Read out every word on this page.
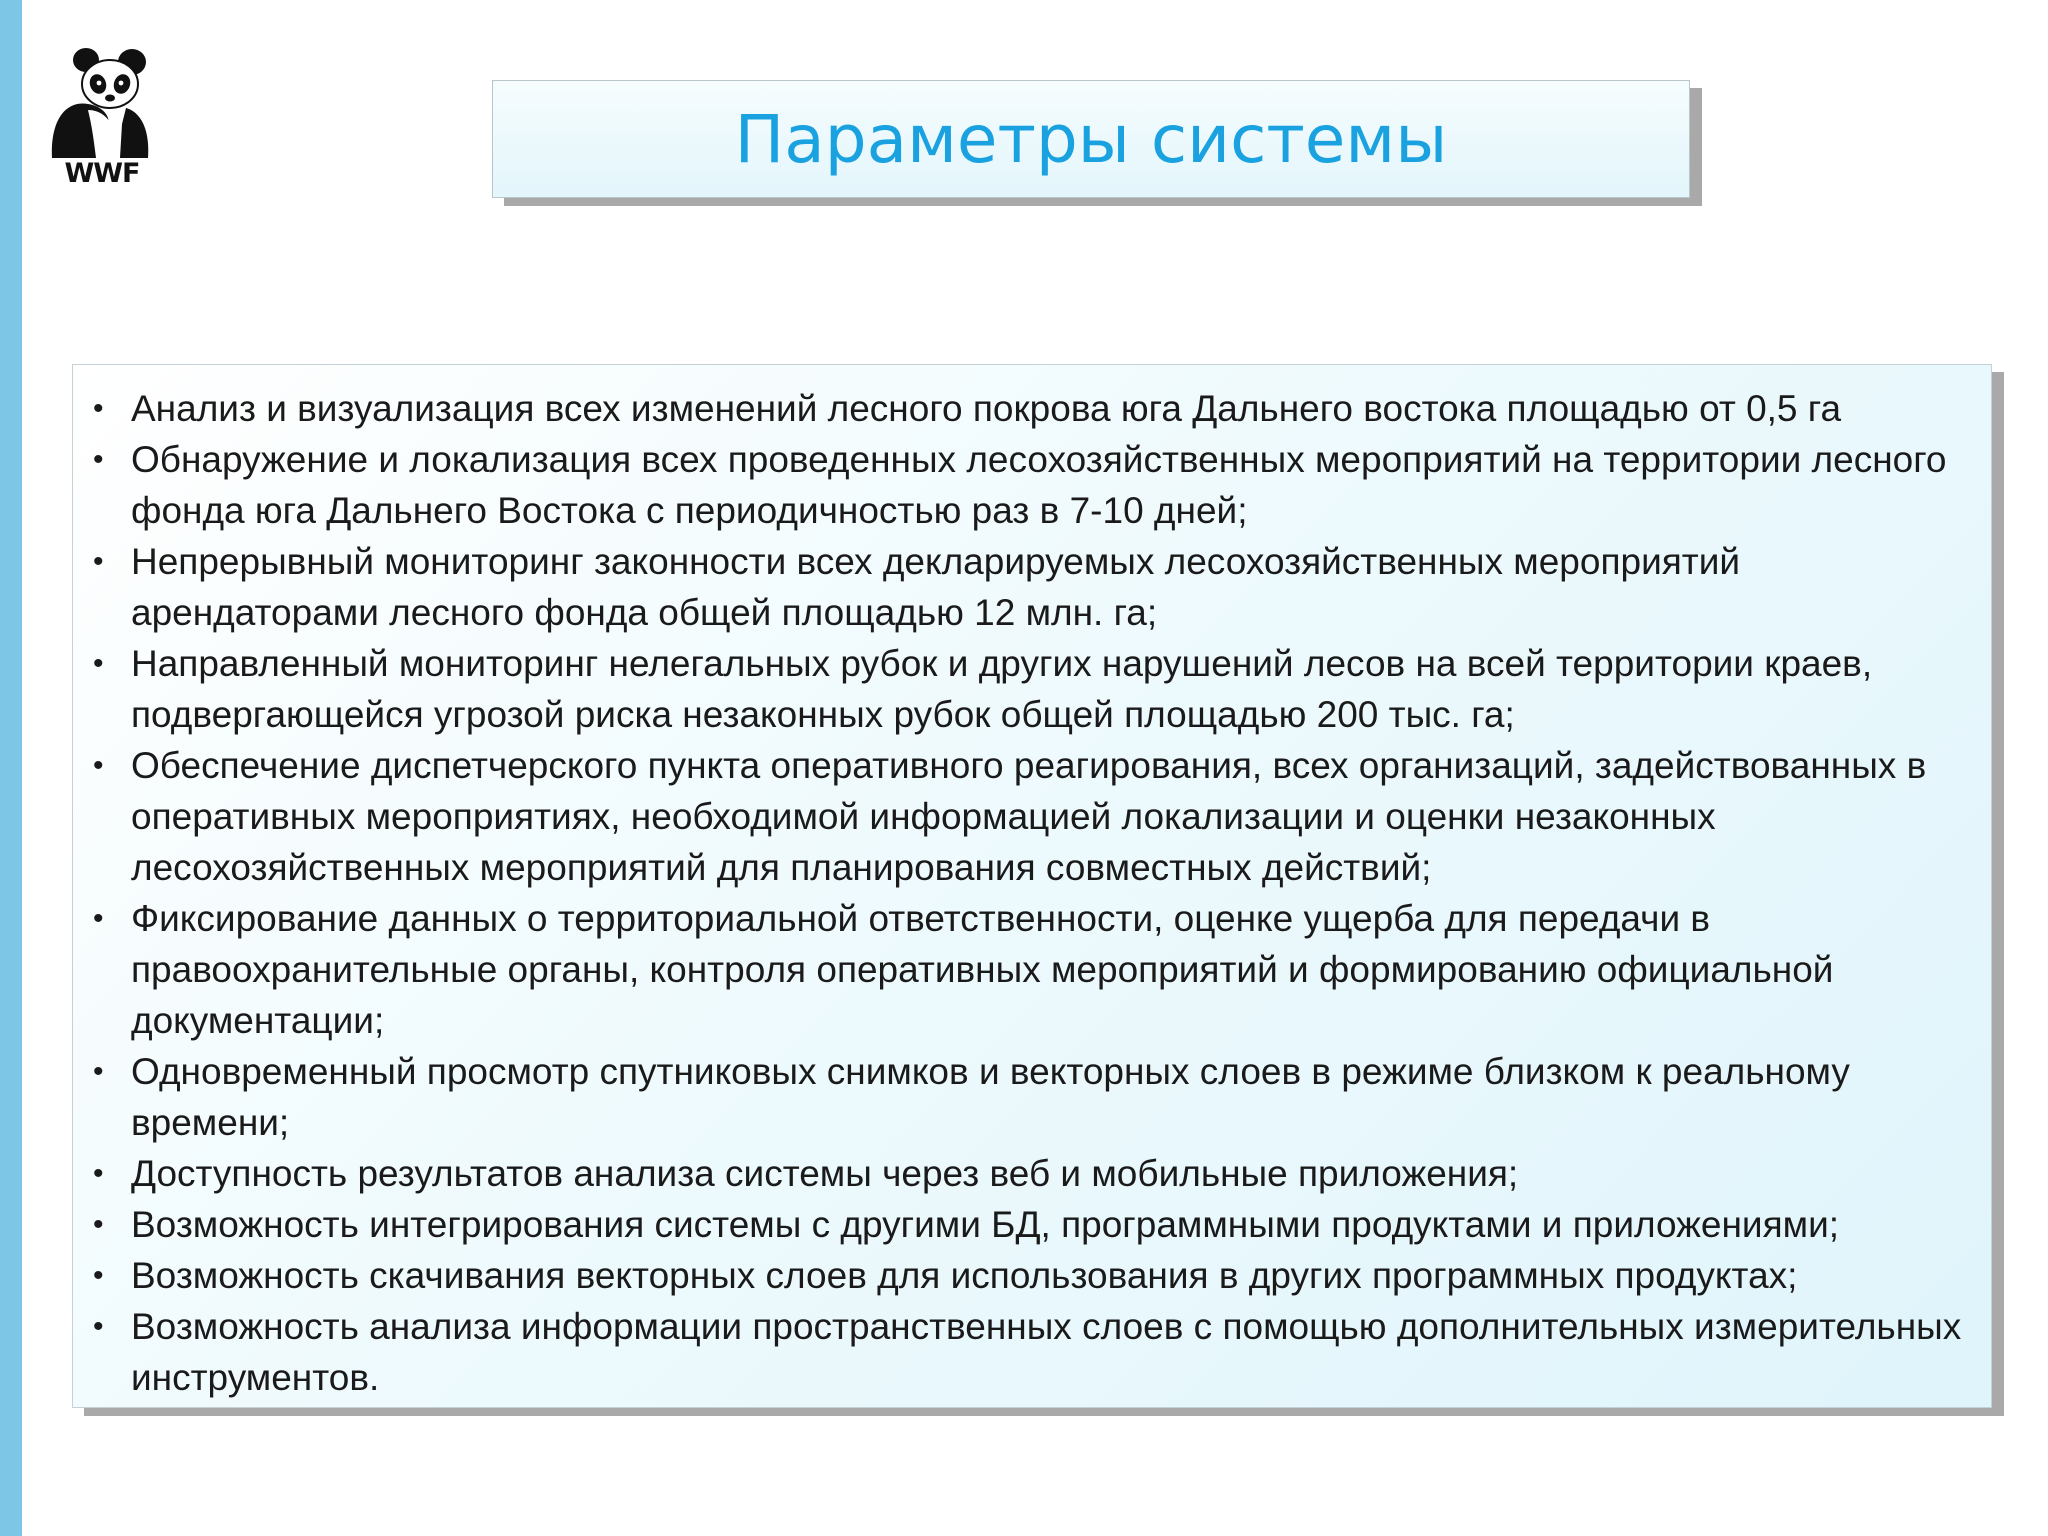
WWF	Параметры системы
• Анализ и визуализация всех изменений лесного покрова юга Дальнего востока площадью от 0,5 га
• Обнаружение и локализация всех проведенных лесохозяйственных мероприятий на территории лесного фонда юга Дальнего Востока с периодичностью раз в 7-10 дней;
• Непрерывный мониторинг законности всех декларируемых лесохозяйственных мероприятий арендаторами лесного фонда общей площадью 12 млн. га;
• Направленный мониторинг нелегальных рубок и других нарушений лесов на всей территории краев, подвергающейся угрозой риска незаконных рубок общей площадью 200 тыс. га;
• Обеспечение диспетчерского пункта оперативного реагирования, всех организаций, задействованных в оперативных мероприятиях, необходимой информацией локализации и оценки незаконных лесохозяйственных мероприятий для планирования совместных действий;
• Фиксирование данных о территориальной ответственности, оценке ущерба для передачи в правоохранительные органы, контроля оперативных мероприятий и формированию официальной документации;
• Одновременный просмотр спутниковых снимков и векторных слоев в режиме близком к реальному времени;
• Доступность результатов анализа системы через веб и мобильные приложения;
• Возможность интегрирования системы с другими БД, программными продуктами и приложениями;
• Возможность скачивания векторных слоев для использования в других программных продуктах;
• Возможность анализа информации пространственных слоев с помощью дополнительных измерительных инструментов.
